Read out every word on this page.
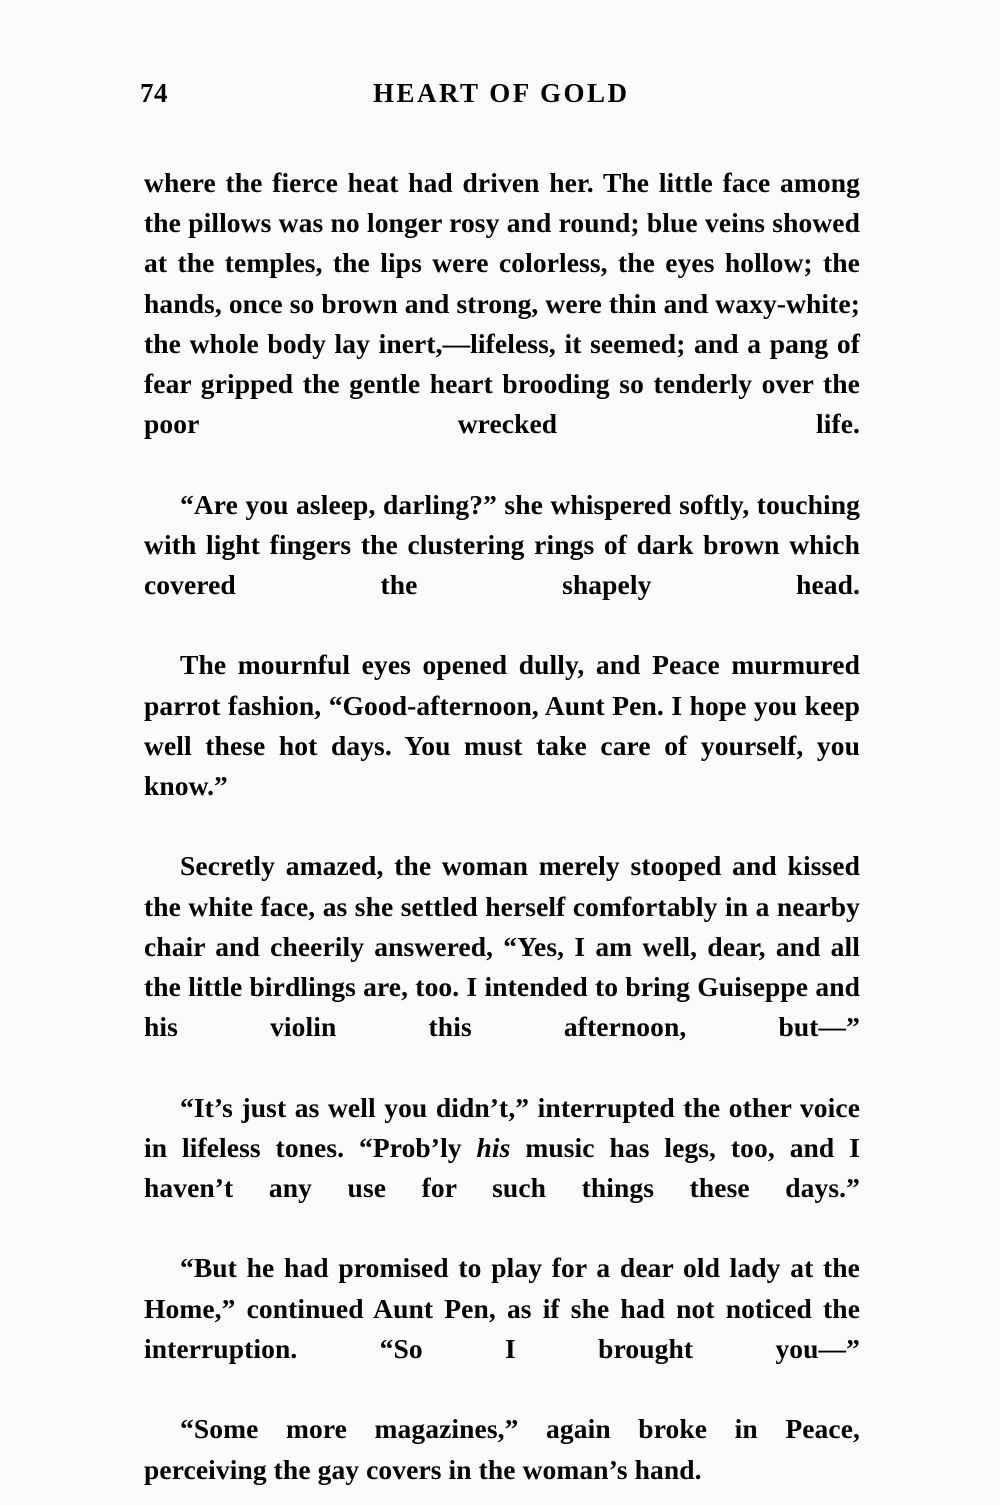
74	HEART OF GOLD

where the fierce heat had driven her. The little face among the pillows was no longer rosy and round; blue veins showed at the temples, the lips were colorless, the eyes hollow; the hands, once so brown and strong, were thin and waxy-white; the whole body lay inert,—lifeless, it seemed; and a pang of fear gripped the gentle heart brooding so tenderly over the poor wrecked life.

“Are you asleep, darling?” she whispered softly, touching with light fingers the clustering rings of dark brown which covered the shapely head.

The mournful eyes opened dully, and Peace murmured parrot fashion, “Good-afternoon, Aunt Pen. I hope you keep well these hot days. You must take care of yourself, you know.”

Secretly amazed, the woman merely stooped and kissed the white face, as she settled herself comfortably in a nearby chair and cheerily answered, “Yes, I am well, dear, and all the little birdlings are, too. I intended to bring Guiseppe and his violin this afternoon, but—”

“It’s just as well you didn’t,” interrupted the other voice in lifeless tones. “Prob’ly his music has legs, too, and I haven’t any use for such things these days.”

“But he had promised to play for a dear old lady at the Home,” continued Aunt Pen, as if she had not noticed the interruption. “So I brought you—”

“Some more magazines,” again broke in Peace, perceiving the gay covers in the woman’s hand.
